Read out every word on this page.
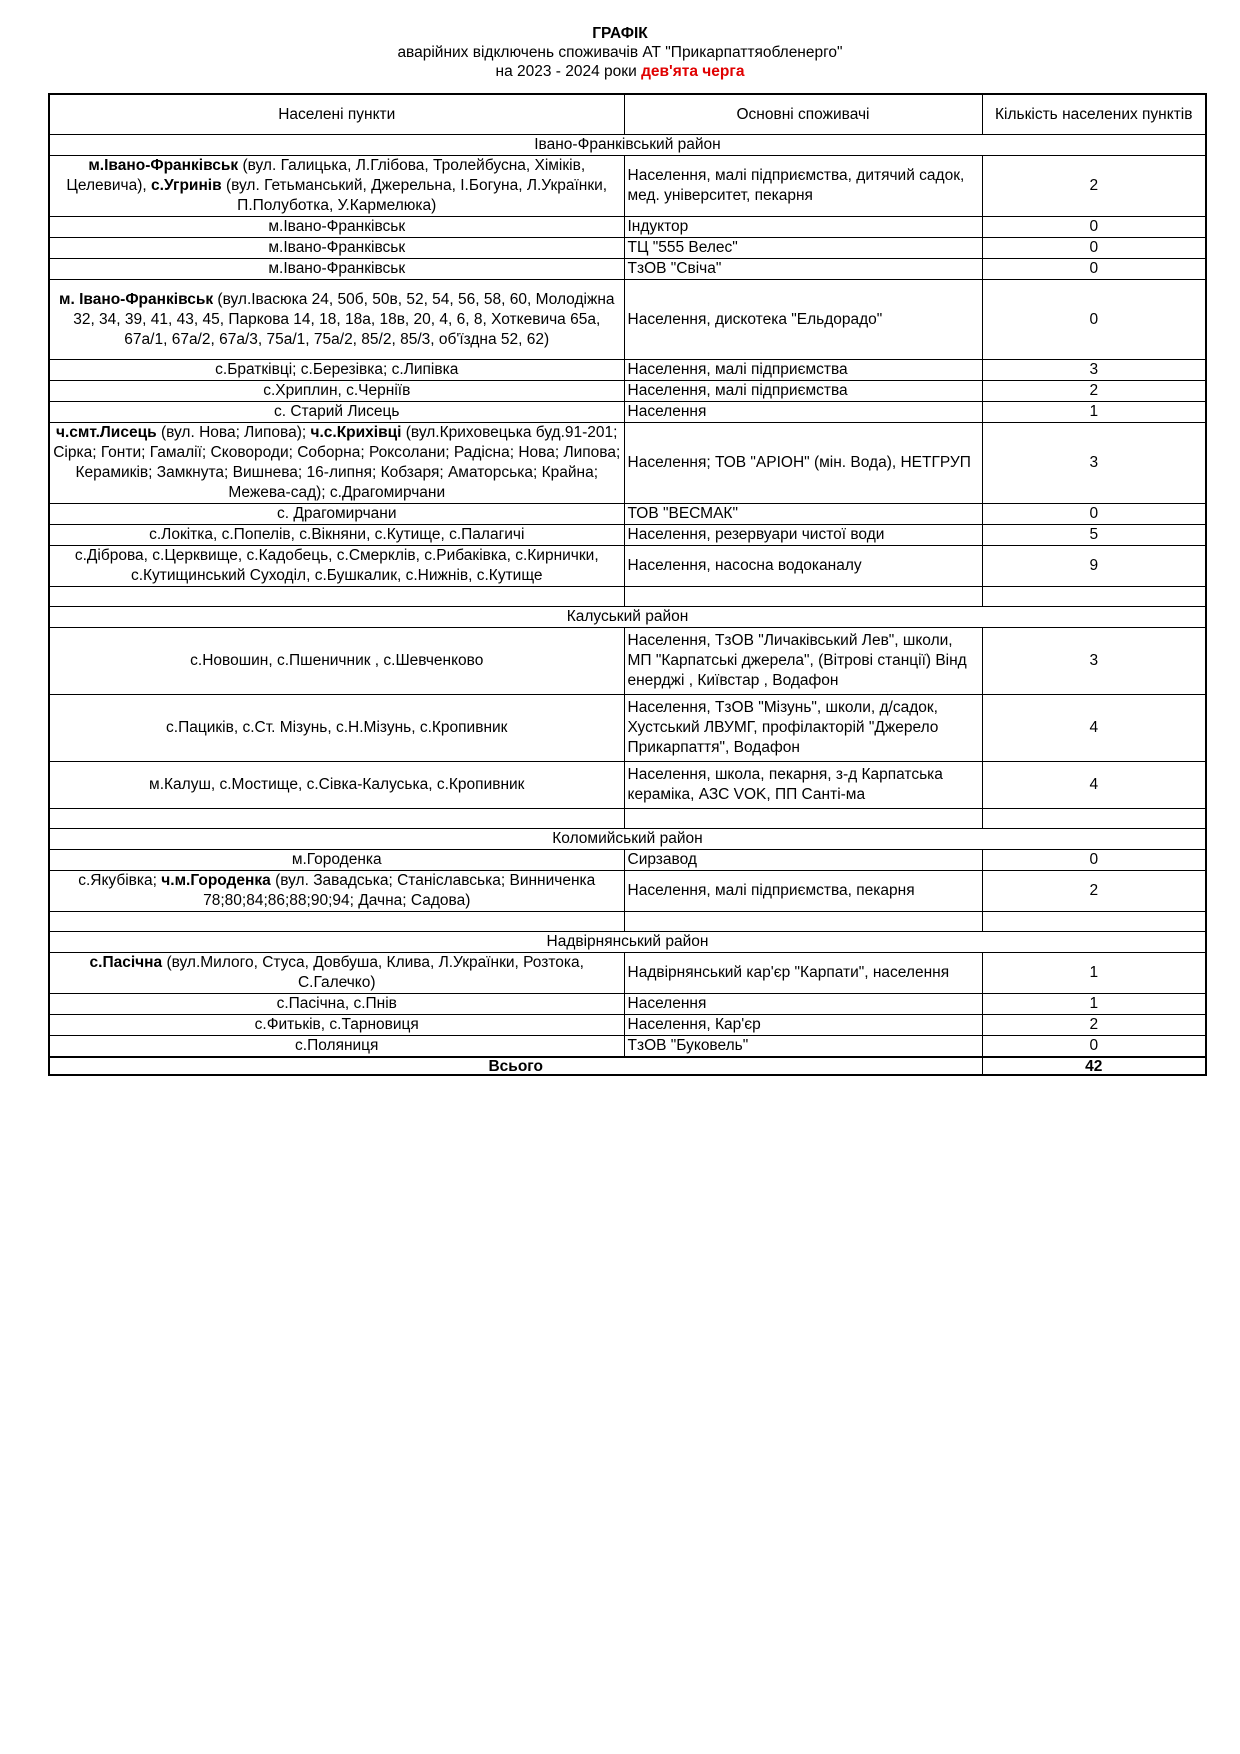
ГРАФІК
аварійних відключень споживачів АТ "Прикарпаттяобленерго"
на 2023 - 2024 роки дев'ята черга
Населені пункти	Основні споживачі	Кількість населених пунктів
Івано-Франківський район		
м.Івано-Франківськ (вул. Галицька, Л.Глібова, Тролейбусна, Хіміків, Целевича), с.Угринів (вул. Гетьманський, Джерельна, І.Богуна, Л.Українки, П.Полуботка, У.Кармелюка)	Населення, малі підприємства, дитячий садок, мед. університет, пекарня	2
м.Івано-Франківськ	Індуктор	0
м.Івано-Франківськ	ТЦ "555 Велес"	0
м.Івано-Франківськ	ТзОВ "Свіча"	0
м. Івано-Франківськ (вул.Івасюка 24, 50б, 50в, 52, 54, 56, 58, 60, Молодіжна 32, 34, 39, 41, 43, 45, Паркова 14, 18, 18а, 18в, 20, 4, 6, 8, Хоткевича 65а, 67а/1, 67а/2, 67а/3, 75а/1, 75а/2, 85/2, 85/3, об'їздна 52, 62)	Населення, дискотека "Ельдорадо"	0
с.Братківці; с.Березівка; с.Липівка	Населення, малі підприємства	3
с.Хриплин, с.Черніїв	Населення, малі підприємства	2
с. Старий Лисець	Населення	1
ч.смт.Лисець (вул. Нова; Липова); ч.с.Крихівці (вул.Криховецька буд.91-201; Сірка; Гонти; Гамалії; Сковороди; Соборна; Роксолани; Радісна; Нова; Липова; Керамиків; Замкнута; Вишнева; 16-липня; Кобзаря; Аматорська; Крайна; Межева-сад); с.Драгомирчани	Населення; ТОВ "АРІОН" (мін. Вода), НЕТГРУП	3
с. Драгомирчани	ТОВ "ВЕСМАК"	0
с.Локітка, с.Попелів, с.Вікняни, с.Кутище, с.Палагичі	Населення, резервуари чистої води	5
с.Діброва, с.Церквище, с.Кадобець, с.Смерклів, с.Рибаківка, с.Кирнички, с.Кутищинський Суходіл, с.Бушкалик, с.Нижнів, с.Кутище	Населення, насосна водоканалу	9

Калуський район		
с.Новошин, с.Пшеничник , с.Шевченково	Населення, ТзОВ "Личаківський Лев", школи, МП "Карпатські джерела", (Вітрові станції) Вінд енерджі , Київстар , Водафон	3
с.Пациків, с.Ст. Мізунь, с.Н.Мізунь, с.Кропивник	Населення, ТзОВ "Мізунь", школи, д/садок, Хустський ЛВУМГ, профілакторій "Джерело Прикарпаття", Водафон	4
м.Калуш, с.Мостище, с.Сівка-Калуська, с.Кропивник	Населення, школа, пекарня, з-д Карпатська кераміка, АЗС VOK, ПП Санті-ма	4

Коломийський район		
м.Городенка	Сирзавод	0
с.Якубівка; ч.м.Городенка (вул. Завадська; Станіславська; Винниченка 78;80;84;86;88;90;94; Дачна; Садова)	Населення, малі підприємства, пекарня	2

Надвірнянський район		
с.Пасічна (вул.Милого, Стуса, Довбуша, Клива, Л.Українки, Розтока, С.Галечко)	Надвірнянський кар'єр "Карпати", населення	1
с.Пасічна, с.Пнів	Населення	1
с.Фитьків, с.Тарновиця	Населення, Кар'єр	2
с.Поляниця	ТзОВ "Буковель"	0
Всього		42
